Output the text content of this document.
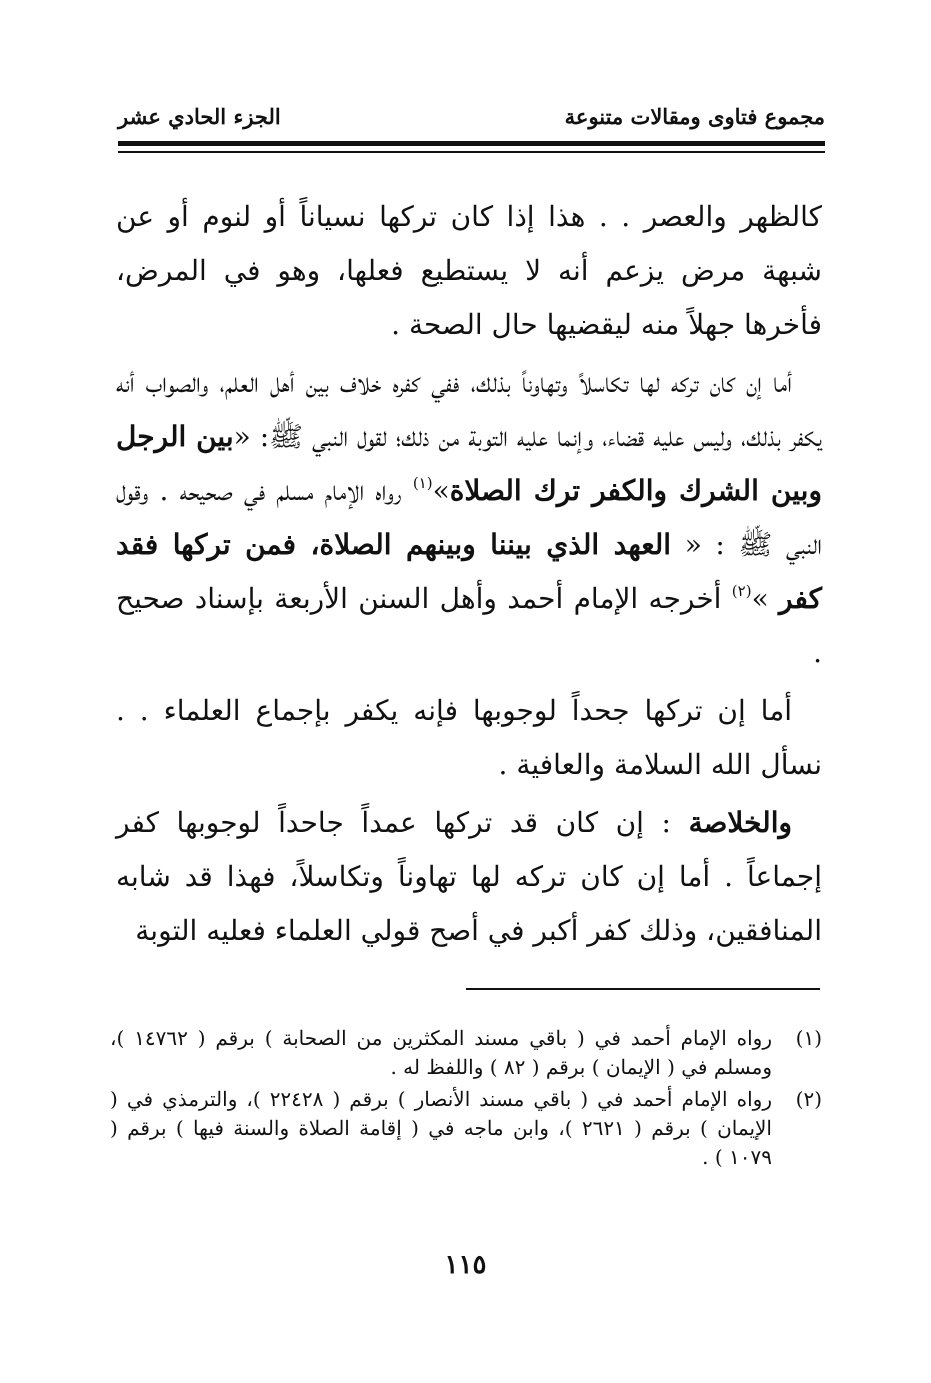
مجموع فتاوى ومقالات متنوعة
الجزء الحادي عشر

كالظهر والعصر . . هذا إذا كان تركها نسياناً أو لنوم أو عن شبهة مرض يزعم أنه لا يستطيع فعلها، وهو في المرض، فأخرها جهلاً منه ليقضيها حال الصحة .

أما إن كان تركه لها تكاسلاً وتهاوناً بذلك، ففي كفره خلاف بين أهل العلم، والصواب أنه يكفر بذلك، وليس عليه قضاء، وإنما عليه التوبة من ذلك؛ لقول النبي ﷺ: «بين الرجل وبين الشرك والكفر ترك الصلاة»$^{(١)}$ رواه الإمام مسلم في صحيحه . وقول النبي ﷺ : « العهد الذي بيننا وبينهم الصلاة، فمن تركها فقد كفر »$^{(٢)}$ أخرجه الإمام أحمد وأهل السنن الأربعة بإسناد صحيح .

أما إن تركها جحداً لوجوبها فإنه يكفر بإجماع العلماء . . نسأل الله السلامة والعافية .

والخلاصة : إن كان قد تركها عمداً جاحداً لوجوبها كفر إجماعاً . أما إن كان تركه لها تهاوناً وتكاسلاً، فهذا قد شابه المنافقين، وذلك كفر أكبر في أصح قولي العلماء فعليه التوبة

(١)
رواه الإمام أحمد في ( باقي مسند المكثرين من الصحابة ) برقم ( ١٤٧٦٢ )، ومسلم في ( الإيمان ) برقم ( ٨٢ ) واللفظ له .
(٢)
رواه الإمام أحمد في ( باقي مسند الأنصار ) برقم ( ٢٢٤٢٨ )، والترمذي في ( الإيمان ) برقم ( ٢٦٢١ )، وابن ماجه في ( إقامة الصلاة والسنة فيها ) برقم ( ١٠٧٩ ) .
١١٥
